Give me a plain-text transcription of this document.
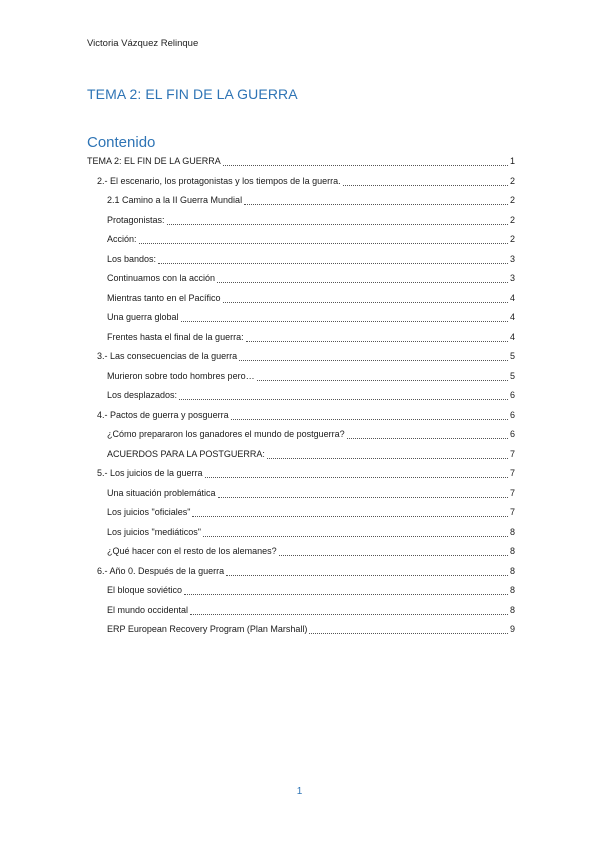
Victoria Vázquez Relinque
TEMA 2: EL FIN DE LA GUERRA
Contenido
TEMA 2: EL FIN DE LA GUERRA	1
2.- El escenario, los protagonistas y los tiempos de la guerra.	2
2.1 Camino a la II Guerra Mundial	2
Protagonistas:	2
Acción:	2
Los bandos:	3
Continuamos con la acción	3
Mientras tanto en el Pacífico	4
Una guerra global	4
Frentes hasta el final de la guerra:	4
3.- Las consecuencias de la guerra	5
Murieron sobre todo hombres pero…	5
Los desplazados:	6
4.- Pactos de guerra y posguerra	6
¿Cómo prepararon los ganadores el mundo de postguerra?	6
ACUERDOS PARA LA POSTGUERRA:	7
5.- Los juicios de la guerra	7
Una situación problemática	7
Los juicios "oficiales"	7
Los juicios "mediáticos"	8
¿Qué hacer con el resto de los alemanes?	8
6.- Año 0. Después de la guerra	8
El bloque soviético	8
El mundo occidental	8
ERP European Recovery Program (Plan Marshall)	9
1
